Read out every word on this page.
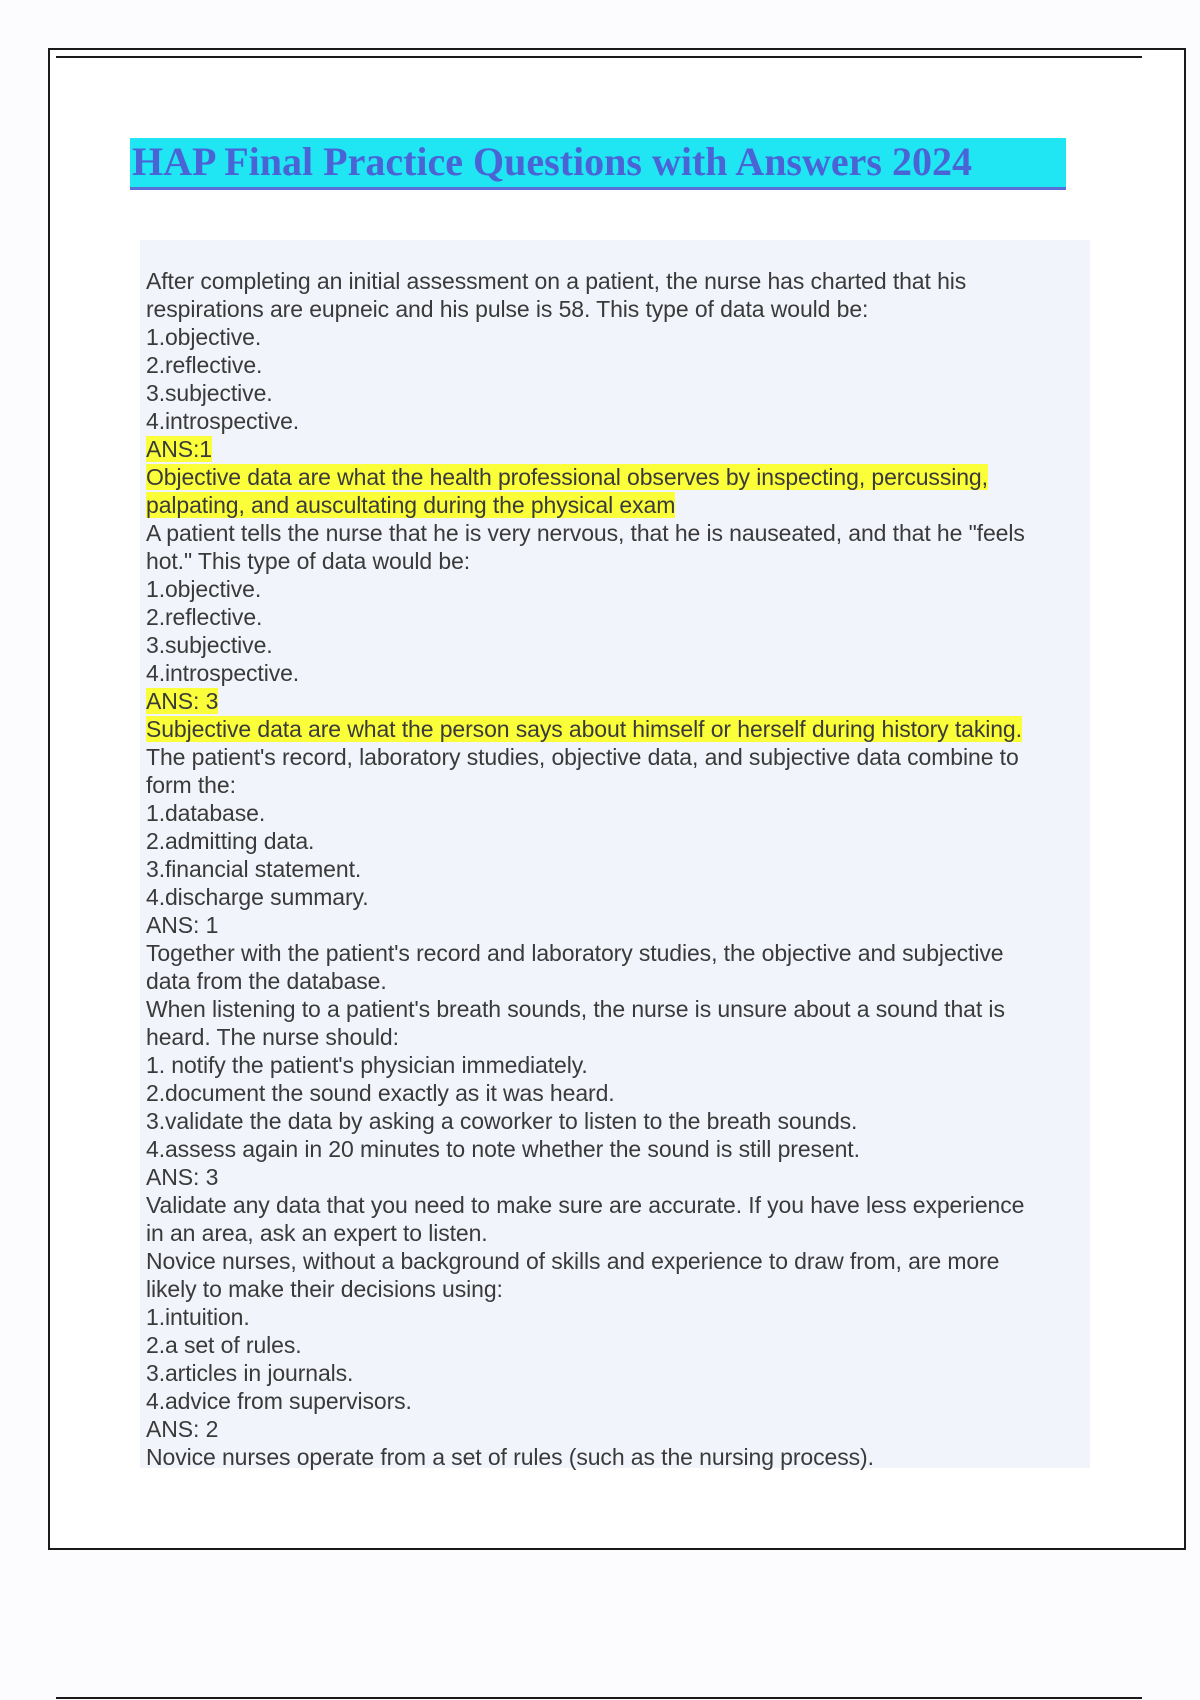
HAP Final Practice Questions with Answers 2024
After completing an initial assessment on a patient, the nurse has charted that his
respirations are eupneic and his pulse is 58. This type of data would be:
1.objective.
2.reflective.
3.subjective.
4.introspective.
ANS:1
Objective data are what the health professional observes by inspecting, percussing,
palpating, and auscultating during the physical exam
A patient tells the nurse that he is very nervous, that he is nauseated, and that he "feels
hot." This type of data would be:
1.objective.
2.reflective.
3.subjective.
4.introspective.
ANS: 3
Subjective data are what the person says about himself or herself during history taking.
The patient's record, laboratory studies, objective data, and subjective data combine to
form the:
1.database.
2.admitting data.
3.financial statement.
4.discharge summary.
ANS: 1
Together with the patient's record and laboratory studies, the objective and subjective
data from the database.
When listening to a patient's breath sounds, the nurse is unsure about a sound that is
heard. The nurse should:
1. notify the patient's physician immediately.
2.document the sound exactly as it was heard.
3.validate the data by asking a coworker to listen to the breath sounds.
4.assess again in 20 minutes to note whether the sound is still present.
ANS: 3
Validate any data that you need to make sure are accurate. If you have less experience
in an area, ask an expert to listen.
Novice nurses, without a background of skills and experience to draw from, are more
likely to make their decisions using:
1.intuition.
2.a set of rules.
3.articles in journals.
4.advice from supervisors.
ANS: 2
Novice nurses operate from a set of rules (such as the nursing process).
